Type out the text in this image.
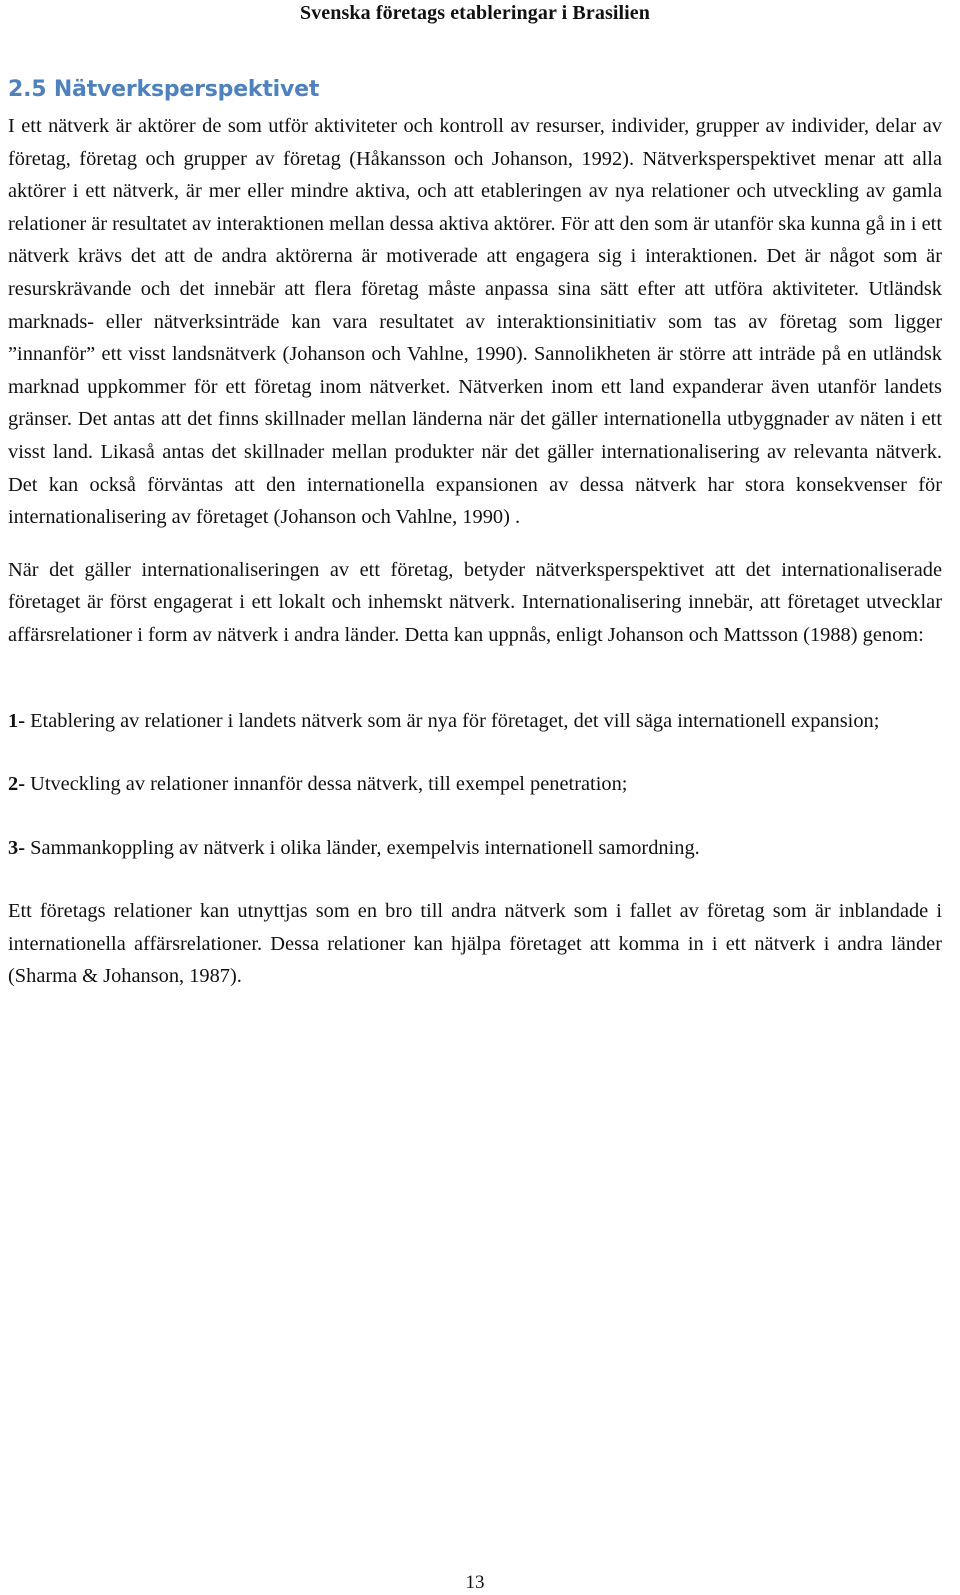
Svenska företags etableringar i Brasilien
2.5 Nätverksperspektivet

I ett nätverk är aktörer de som utför aktiviteter och kontroll av resurser, individer, grupper av individer, delar av företag, företag och grupper av företag (Håkansson och Johanson, 1992). Nätverksperspektivet menar att alla aktörer i ett nätverk, är mer eller mindre aktiva, och att etableringen av nya relationer och utveckling av gamla relationer är resultatet av interaktionen mellan dessa aktiva aktörer. För att den som är utanför ska kunna gå in i ett nätverk krävs det att de andra aktörerna är motiverade att engagera sig i interaktionen. Det är något som är resurskrävande och det innebär att flera företag måste anpassa sina sätt efter att utföra aktiviteter. Utländsk marknads- eller nätverksinträde kan vara resultatet av interaktionsinitiativ som tas av företag som ligger ”innanför” ett visst landsnätverk (Johanson och Vahlne, 1990). Sannolikheten är större att inträde på en utländsk marknad uppkommer för ett företag inom nätverket. Nätverken inom ett land expanderar även utanför landets gränser. Det antas att det finns skillnader mellan länderna när det gäller internationella utbyggnader av näten i ett visst land. Likaså antas det skillnader mellan produkter när det gäller internationalisering av relevanta nätverk. Det kan också förväntas att den internationella expansionen av dessa nätverk har stora konsekvenser för internationalisering av företaget (Johanson och Vahlne, 1990) .

När det gäller internationaliseringen av ett företag, betyder nätverksperspektivet att det internationaliserade företaget är först engagerat i ett lokalt och inhemskt nätverk. Internationalisering innebär, att företaget utvecklar affärsrelationer i form av nätverk i andra länder. Detta kan uppnås, enligt Johanson och Mattsson (1988) genom:

1- Etablering av relationer i landets nätverk som är nya för företaget, det vill säga internationell expansion;
2- Utveckling av relationer innanför dessa nätverk, till exempel penetration;
3- Sammankoppling av nätverk i olika länder, exempelvis internationell samordning.

Ett företags relationer kan utnyttjas som en bro till andra nätverk som i fallet av företag som är inblandade i internationella affärsrelationer. Dessa relationer kan hjälpa företaget att komma in i ett nätverk i andra länder (Sharma & Johanson, 1987).

13
